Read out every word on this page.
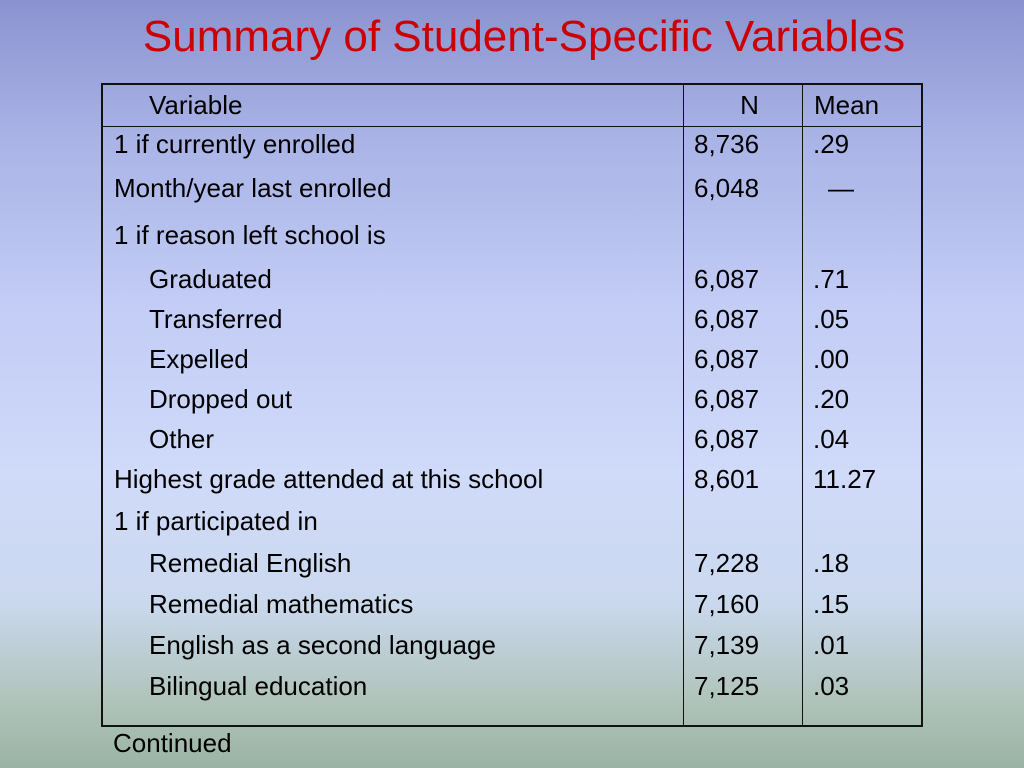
Summary of Student-Specific Variables
Variable	N	Mean
1 if currently enrolled	8,736 .29
Month/year last enrolled	6,048	—
1 if reason left school is
Graduated	6,087 .71
Transferred	6,087 .05
Expelled	6,087 .00
Dropped out	6,087 .20
Other	6,087 .04
Highest grade attended at this school	8,601 11.27
1 if participated in
Remedial English	7,228 .18
Remedial mathematics	7,160 .15
English as a second language	7,139 .01
Bilingual education	7,125 .03
Continued
